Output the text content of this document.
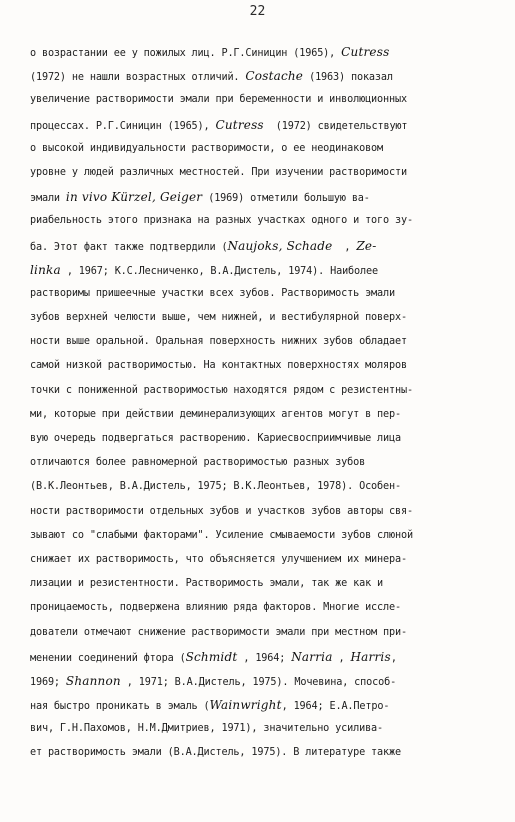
22
о возрастании ее у пожилых лиц. Р.Г.Синицин (1965), Cutress
(1972) не нашли возрастных отличий. Costache (1963) показал
увеличение растворимости эмали при беременности и инволюционных
процессах. Р.Г.Синицин (1965), Cutress  (1972) свидетельствуют
о высокой индивидуальности растворимости, о ее неодинаковом
уровне у людей различных местностей. При изучении растворимости
эмали in vivo Kürzel, Geiger (1969) отметили большую ва-
риабельность этого признака на разных участках одного и того зу-
ба. Этот факт также подтвердили (Naujoks, Schade  , Ze-
linka , 1967; К.С.Лесниченко, В.А.Дистель, 1974). Наиболее
растворимы пришеечные участки всех зубов. Растворимость эмали
зубов верхней челюсти выше, чем нижней, и вестибулярной поверх-
ности выше оральной. Оральная поверхность нижних зубов обладает
самой низкой растворимостью. На контактных поверхностях моляров
точки с пониженной растворимостью находятся рядом с резистентны-
ми, которые при действии деминерализующих агентов могут в пер-
вую очередь подвергаться растворению. Кариесвосприимчивые лица
отличаются более равномерной растворимостью разных зубов
(В.К.Леонтьев, В.А.Дистель, 1975; В.К.Леонтьев, 1978). Особен-
ности растворимости отдельных зубов и участков зубов авторы свя-
зывают со "слабыми факторами". Усиление смываемости зубов слюной
снижает их растворимость, что объясняется улучшением их минера-
лизации и резистентности. Растворимость эмали, так же как и
проницаемость, подвержена влиянию ряда факторов. Многие иссле-
дователи отмечают снижение растворимости эмали при местном при-
менении соединений фтора (Schmidt , 1964; Narria , Harris,
1969; Shannon , 1971; В.А.Дистель, 1975). Мочевина, способ-
ная быстро проникать в эмаль (Wainwright, 1964; Е.А.Петро-
вич, Г.Н.Пахомов, Н.М.Дмитриев, 1971), значительно усилива-
ет растворимость эмали (В.А.Дистель, 1975). В литературе также
